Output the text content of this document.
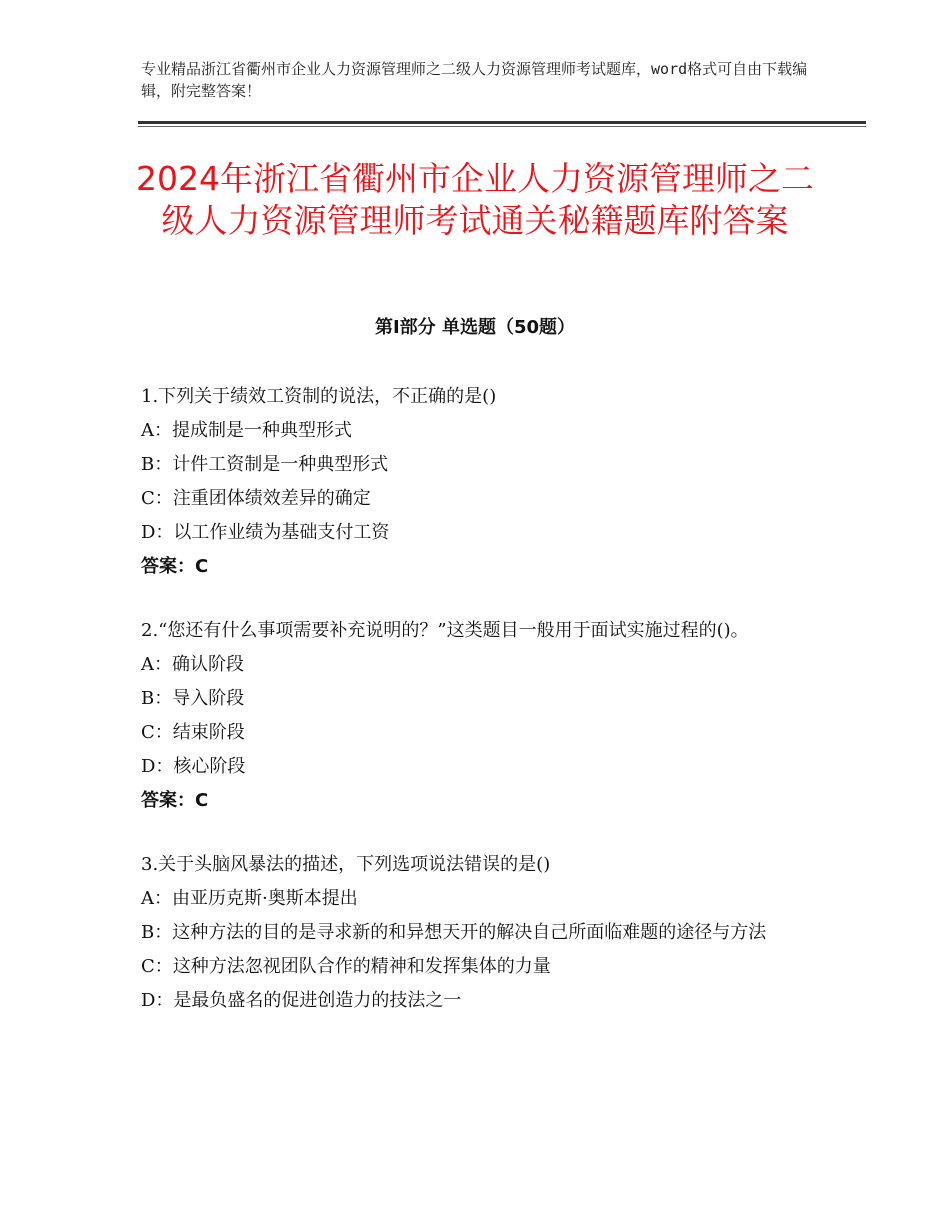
专业精品浙江省衢州市企业人力资源管理师之二级人力资源管理师考试题库，word格式可自由下载编辑，附完整答案！
2024年浙江省衢州市企业人力资源管理师之二级人力资源管理师考试通关秘籍题库附答案
第Ⅰ部分 单选题（50题）

1.下列关于绩效工资制的说法，不正确的是()

A：提成制是一种典型形式

B：计件工资制是一种典型形式

C：注重团体绩效差异的确定

D：以工作业绩为基础支付工资

答案：C

2.“您还有什么事项需要补充说明的？”这类题目一般用于面试实施过程的()。

A：确认阶段

B：导入阶段

C：结束阶段

D：核心阶段

答案：C

3.关于头脑风暴法的描述，下列选项说法错误的是()

A：由亚历克斯·奥斯本提出

B：这种方法的目的是寻求新的和异想天开的解决自己所面临难题的途径与方法

C：这种方法忽视团队合作的精神和发挥集体的力量

D：是最负盛名的促进创造力的技法之一
